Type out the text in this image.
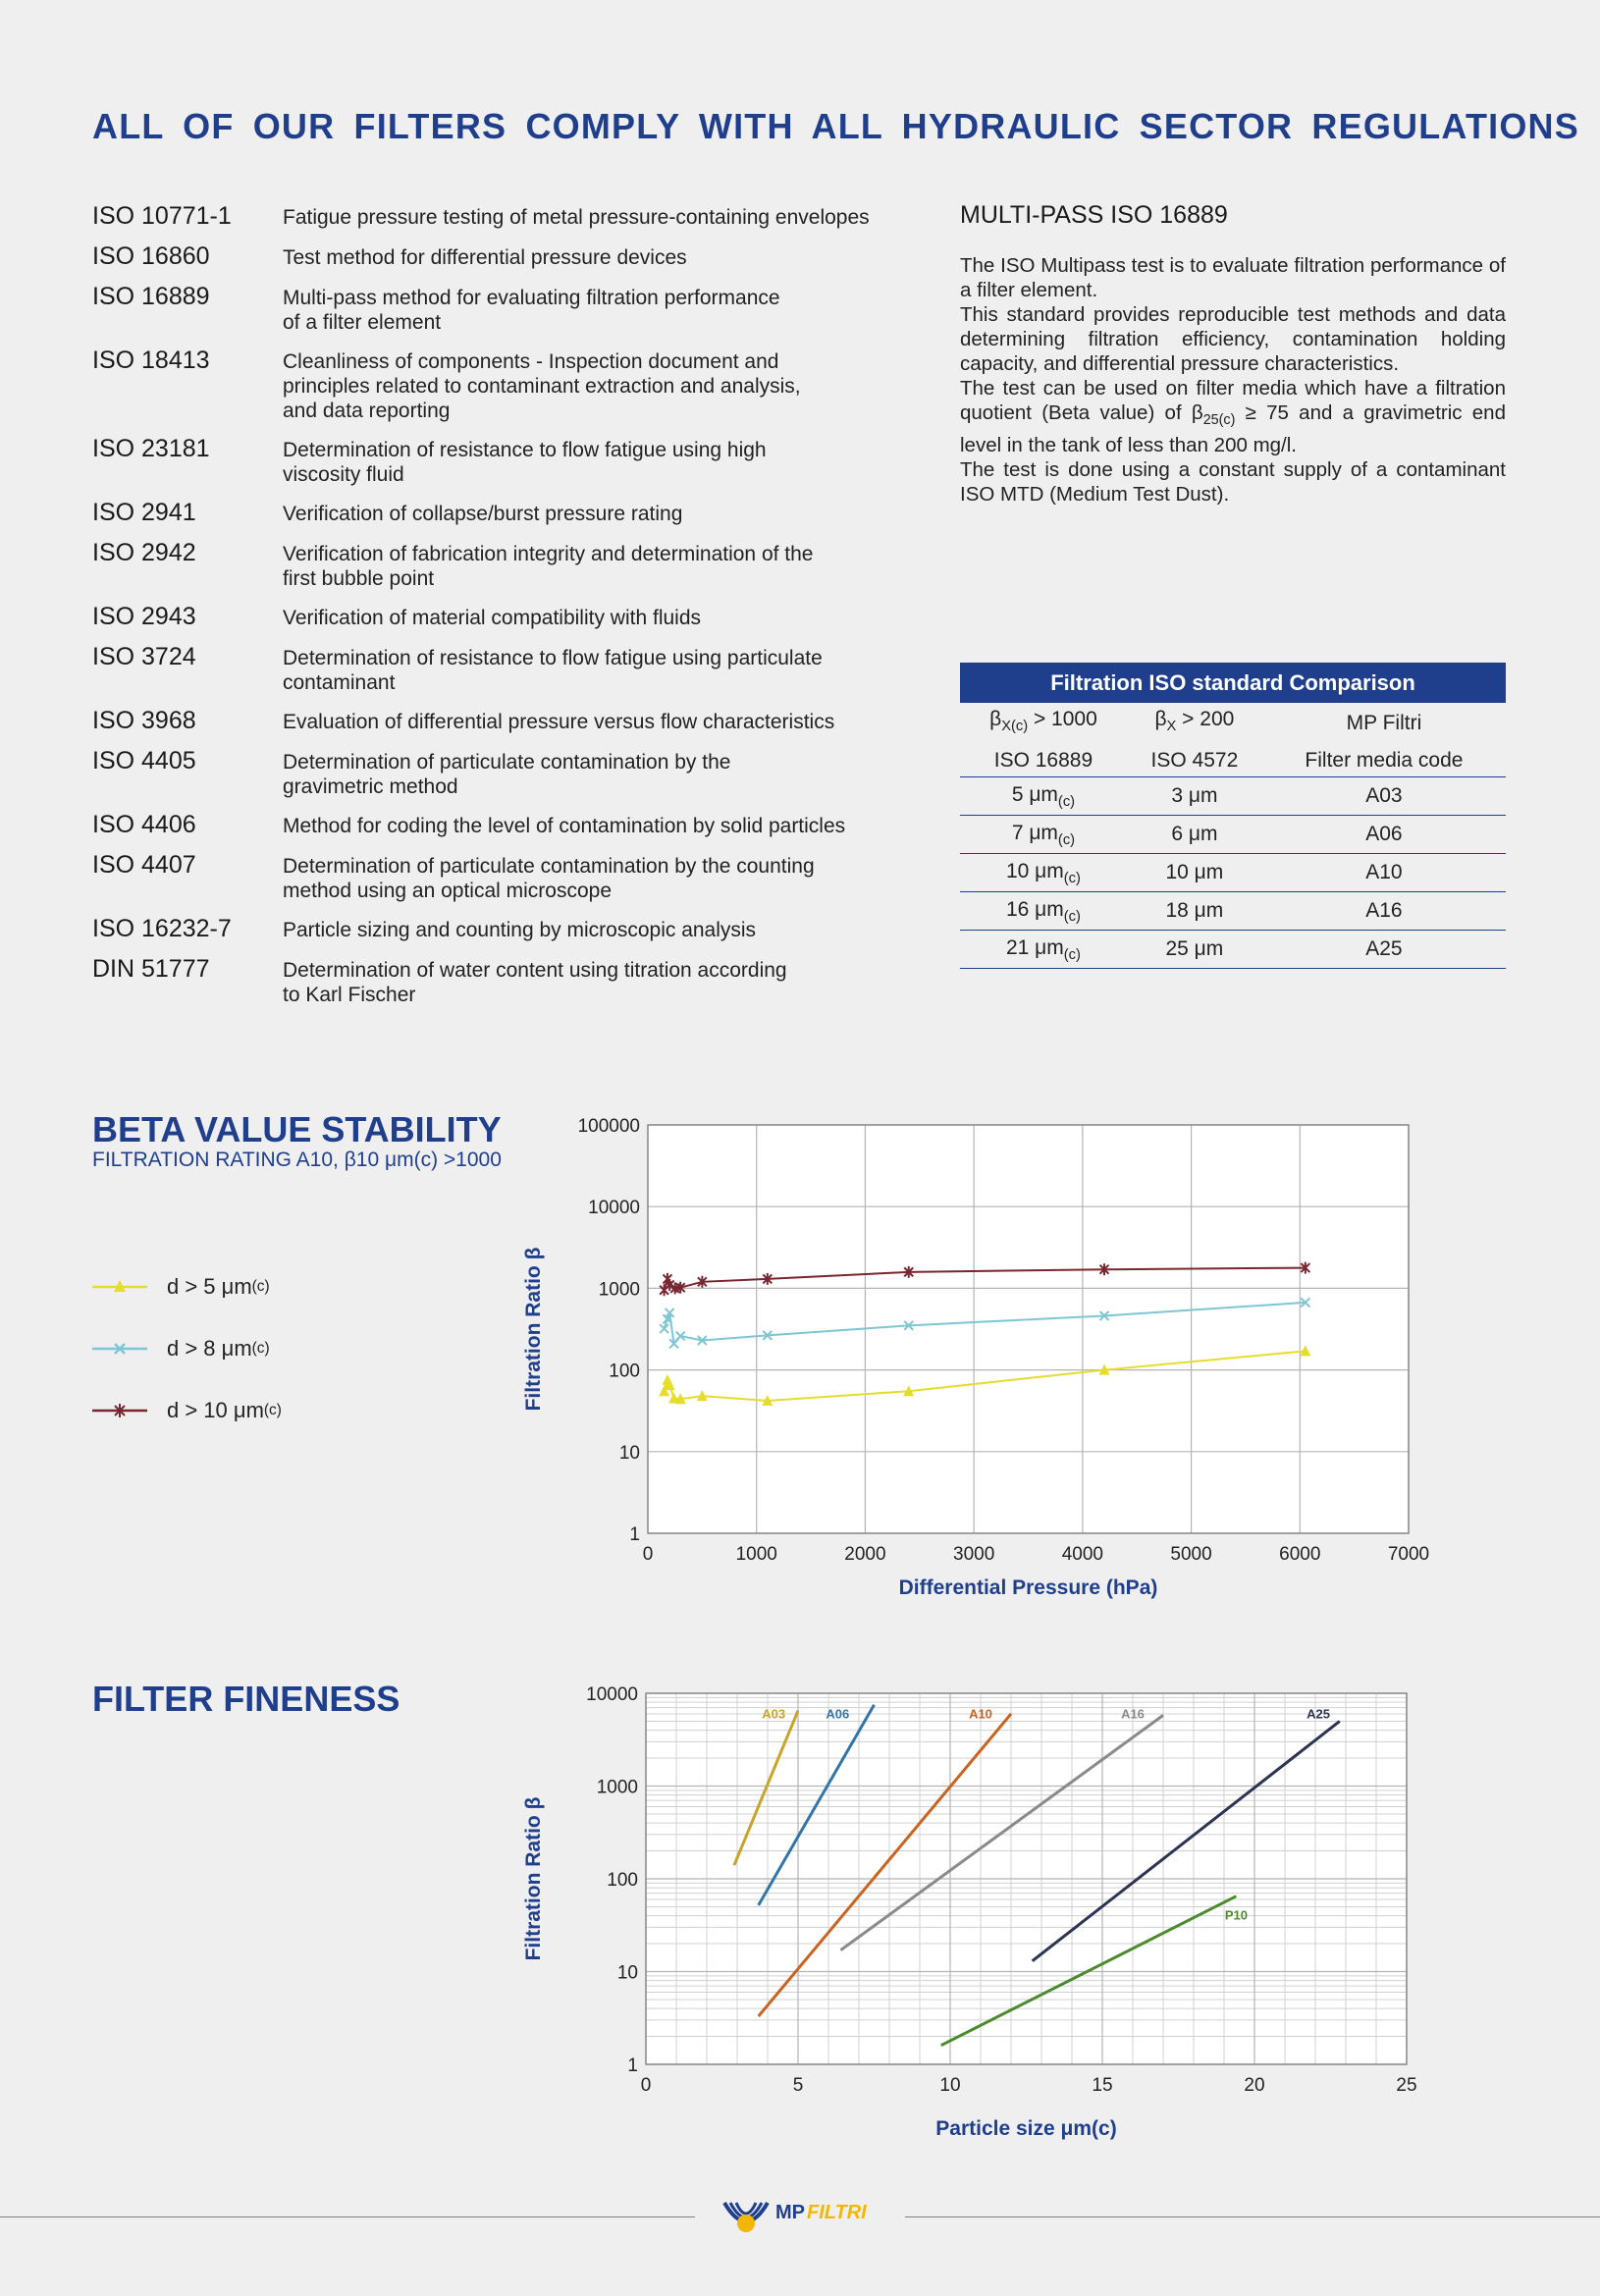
ALL OF OUR FILTERS COMPLY WITH ALL HYDRAULIC SECTOR REGULATIONS
ISO 10771-1	Fatigue pressure testing of metal pressure-containing envelopes
ISO 16860	Test method for differential pressure devices
ISO 16889	Multi-pass method for evaluating filtration performance
of a filter element
ISO 18413	Cleanliness of components - Inspection document and
principles related to contaminant extraction and analysis,
and data reporting
ISO 23181	Determination of resistance to flow fatigue using high
viscosity fluid
ISO 2941	Verification of collapse/burst pressure rating
ISO 2942	Verification of fabrication integrity and determination of the
first bubble point
ISO 2943	Verification of material compatibility with fluids
ISO 3724	Determination of resistance to flow fatigue using particulate
contaminant
ISO 3968	Evaluation of differential pressure versus flow characteristics
ISO 4405	Determination of particulate contamination by the
gravimetric method
ISO 4406	Method for coding the level of contamination by solid particles
ISO 4407	Determination of particulate contamination by the counting
method using an optical microscope
ISO 16232-7	Particle sizing and counting by microscopic analysis
DIN 51777	Determination of water content using titration according
to Karl Fischer
MULTI-PASS ISO 16889

The ISO Multipass test is to evaluate filtration performance of a filter element.

This standard provides reproducible test methods and data determining filtration efficiency, contamination holding capacity, and differential pressure characteristics.

The test can be used on filter media which have a filtration quotient (Beta value) of $\beta_{25(c)} \ge 75$ and a gravimetric end level in the tank of less than 200 mg/l.

The test is done using a constant supply of a contaminant ISO MTD (Medium Test Dust).

Filtration ISO standard Comparison		
$\beta_{X(c)} > 1000$	$\beta_X > 200$	MP Filtri
ISO 16889	ISO 4572	Filter media code
5 $\mu m_{(c)}$	3 μm	A03
7 $\mu m_{(c)}$	6 μm	A06
10 $\mu m_{(c)}$	10 μm	A10
16 $\mu m_{(c)}$	18 μm	A16
21 $\mu m_{(c)}$	25 μm	A25
BETA VALUE STABILITY
FILTRATION RATING A10, β10 μm(c) >1000
d > 5 μm (c)
d > 8 μm (c)
d > 10 μm (c)
0	1000	2000	3000	4000	5000	6000	7000
1
10
100
1000
10000
100000
Differential Pressure (hPa)
Filtration Ratio β
FILTER FINENESS
0	5	10	15	20	25
1
10
100
1000
10000
Particle size μm(c)
Filtration Ratio β
A03	A06	A10	A16	A25
P10
MP FILTRI
